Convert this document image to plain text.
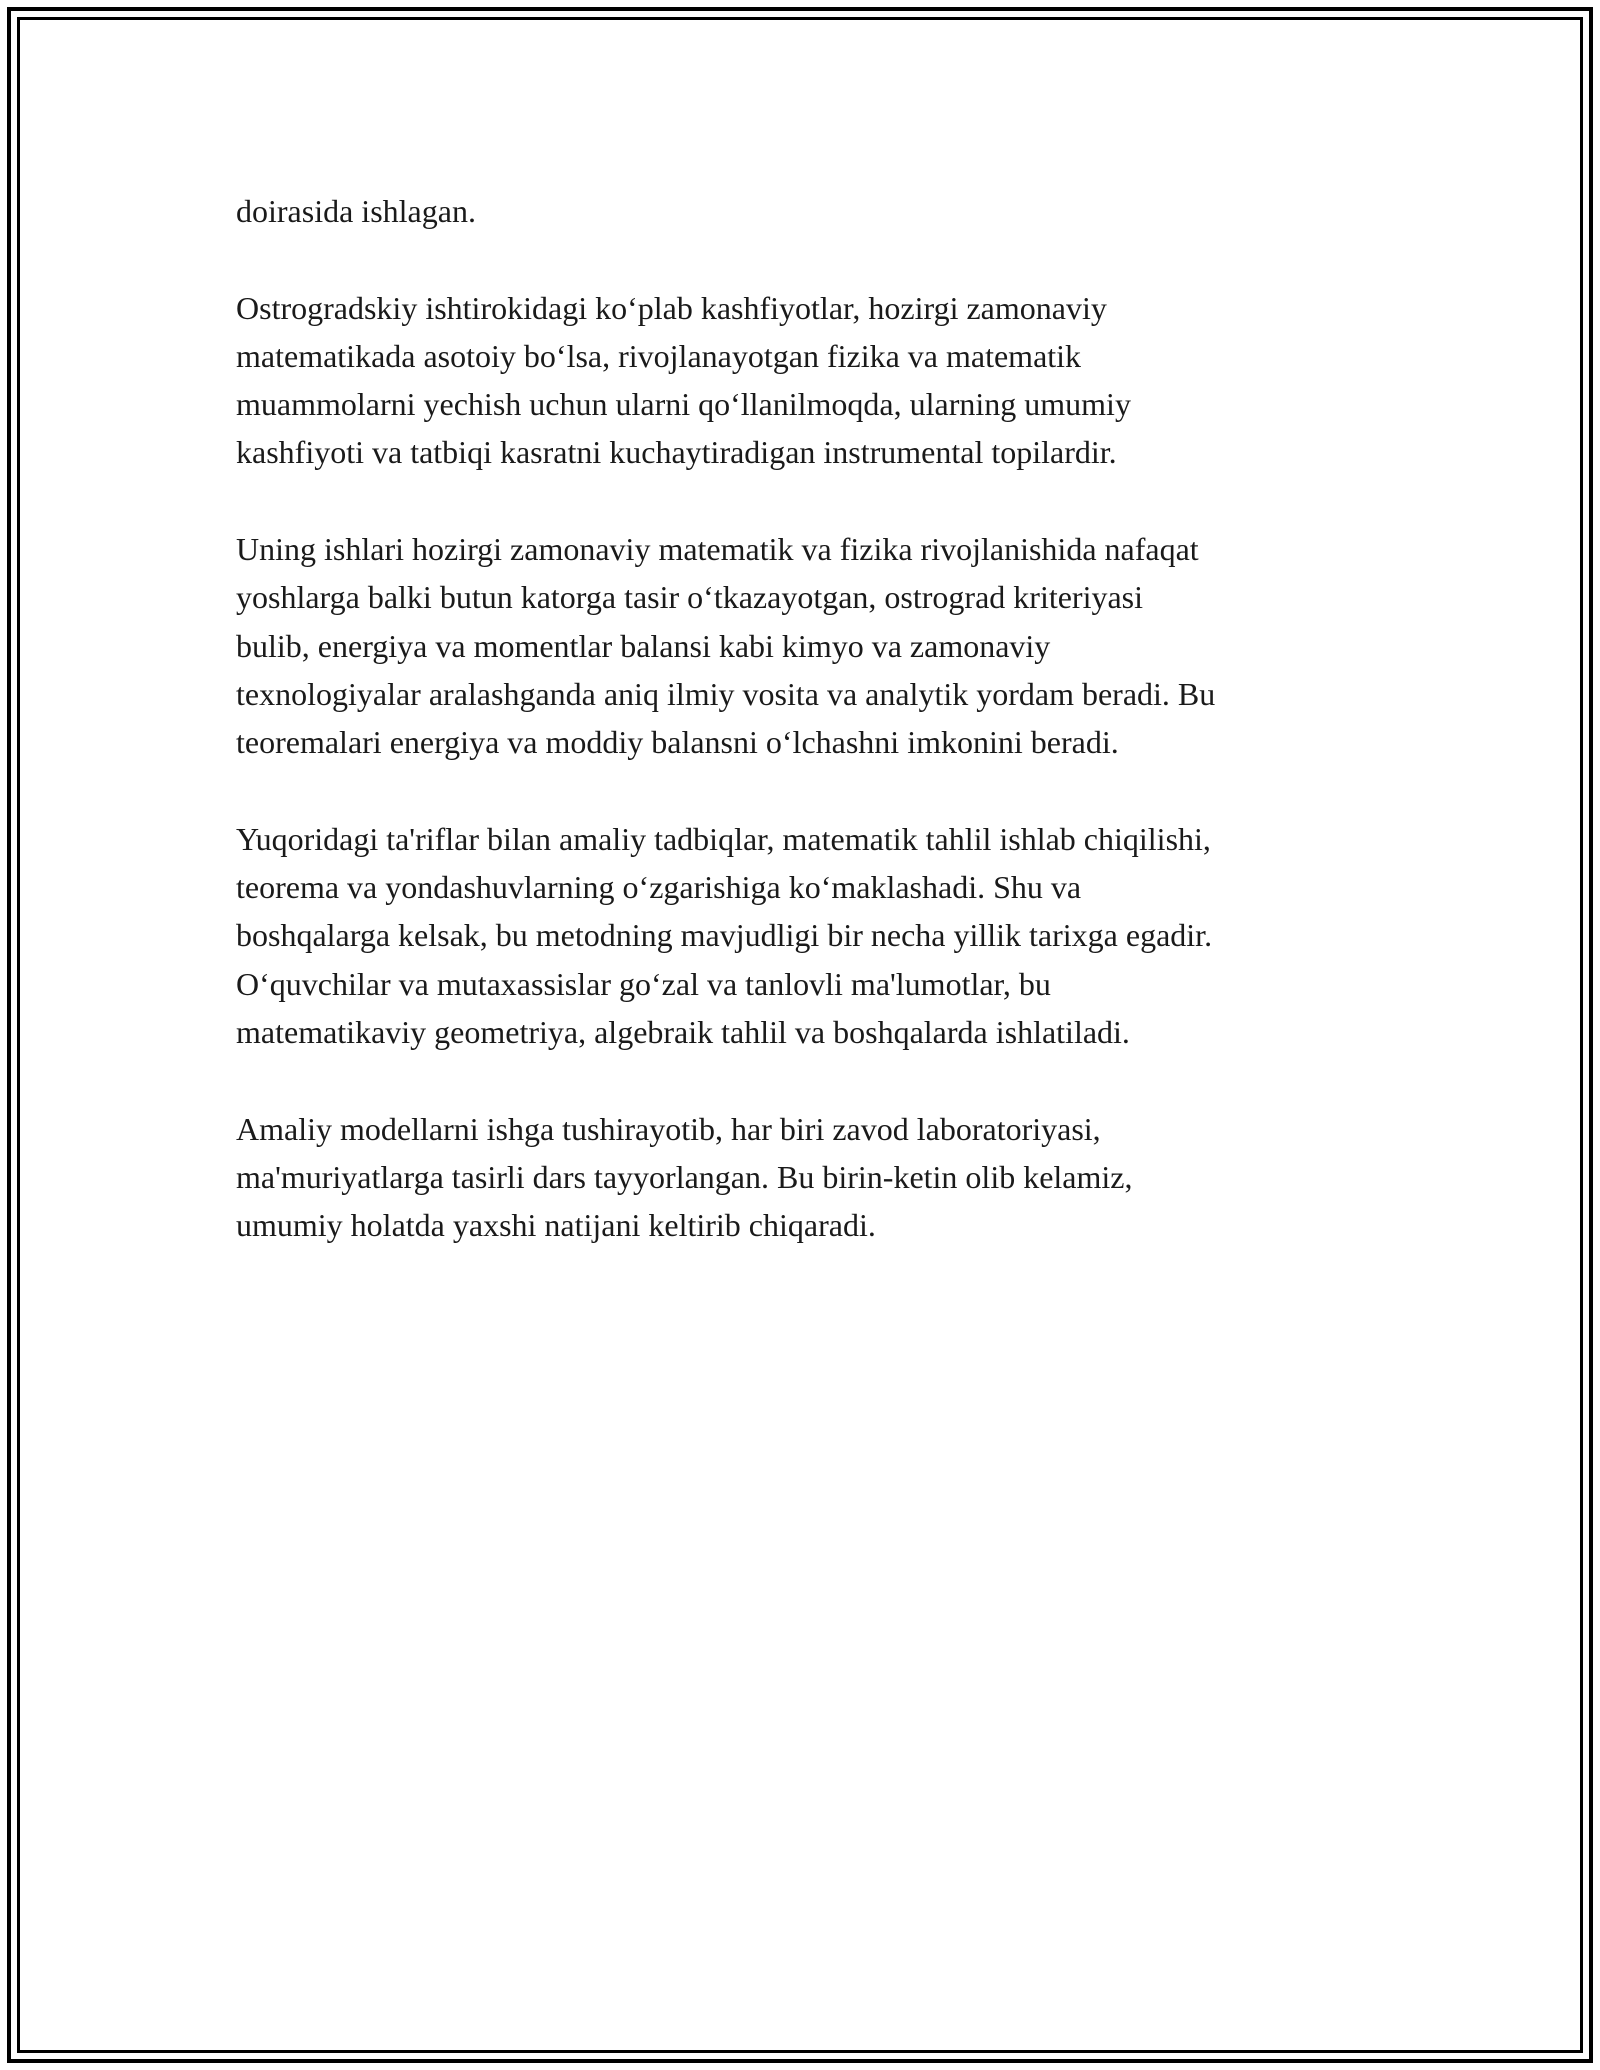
doirasida ishlagan.

Ostrogradskiy ishtirokidagi ko‘plab kashfiyotlar, hozirgi zamonaviy
matematikada asotoiy bo‘lsa, rivojlanayotgan fizika va matematik
muammolarni yechish uchun ularni qo‘llanilmoqda, ularning umumiy
kashfiyoti va tatbiqi kasratni kuchaytiradigan instrumental topilardir.

Uning ishlari hozirgi zamonaviy matematik va fizika rivojlanishida nafaqat
yoshlarga balki butun katorga tasir o‘tkazayotgan, ostrograd kriteriyasi
bulib, energiya va momentlar balansi kabi kimyo va zamonaviy
texnologiyalar aralashganda aniq ilmiy vosita va analytik yordam beradi. Bu
teoremalari energiya va moddiy balansni o‘lchashni imkonini beradi.

Yuqoridagi ta'riflar bilan amaliy tadbiqlar, matematik tahlil ishlab chiqilishi,
teorema va yondashuvlarning o‘zgarishiga ko‘maklashadi. Shu va
boshqalarga kelsak, bu metodning mavjudligi bir necha yillik tarixga egadir.
O‘quvchilar va mutaxassislar go‘zal va tanlovli ma'lumotlar, bu
matematikaviy geometriya, algebraik tahlil va boshqalarda ishlatiladi.

Amaliy modellarni ishga tushirayotib, har biri zavod laboratoriyasi,
ma'muriyatlarga tasirli dars tayyorlangan. Bu birin-ketin olib kelamiz,
umumiy holatda yaxshi natijani keltirib chiqaradi.
